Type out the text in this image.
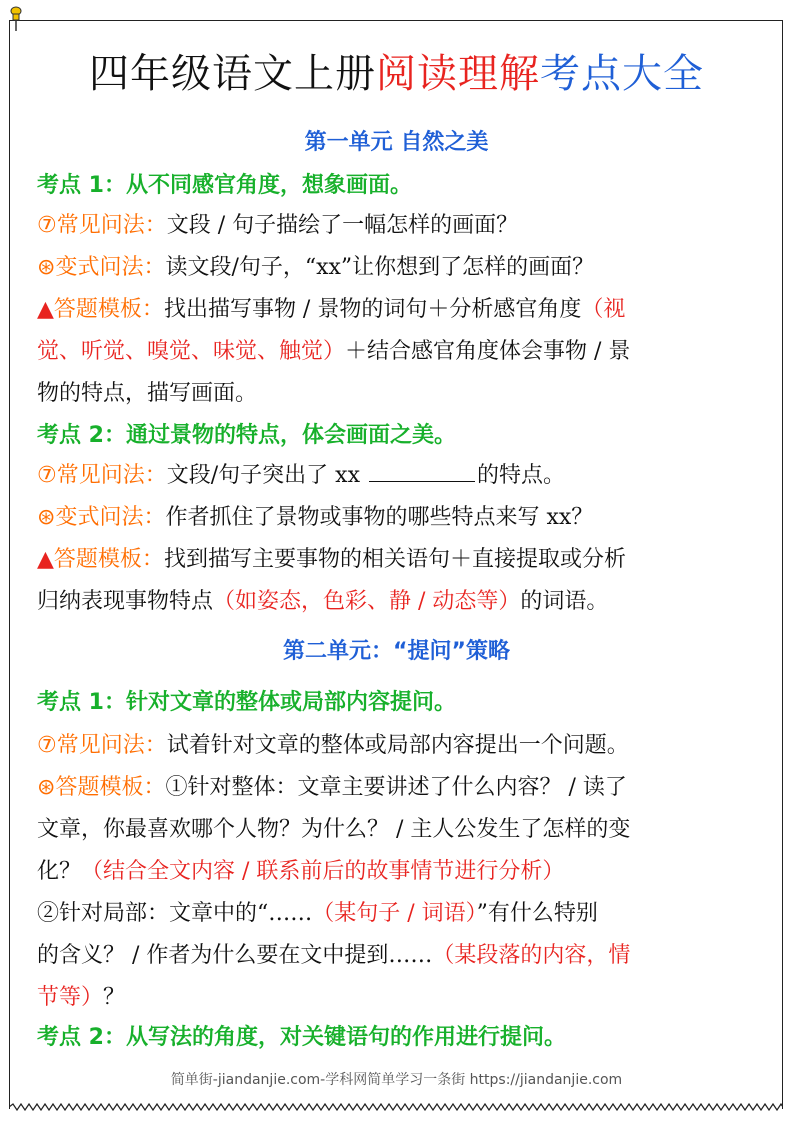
四年级语文上册阅读理解考点大全
第一单元 自然之美
考点 1：从不同感官角度，想象画面。
⑦常见问法：文段 / 句子描绘了一幅怎样的画面？
⊛变式问法：读文段/句子，“xx”让你想到了怎样的画面？
▲答题模板：找出描写事物 / 景物的词句＋分析感官角度（视
觉、听觉、嗅觉、味觉、触觉）＋结合感官角度体会事物 / 景
物的特点，描写画面。
考点 2：通过景物的特点，体会画面之美。
⑦常见问法：文段/句子突出了 xx	的特点。
⊛变式问法：作者抓住了景物或事物的哪些特点来写 xx？
▲答题模板：找到描写主要事物的相关语句＋直接提取或分析
归纳表现事物特点（如姿态，色彩、静 / 动态等）的词语。
第二单元：“提问”策略
考点 1：针对文章的整体或局部内容提问。
⑦常见问法：试着针对文章的整体或局部内容提出一个问题。
⊛答题模板：①针对整体：文章主要讲述了什么内容？ / 读了
文章，你最喜欢哪个人物？为什么？ / 主人公发生了怎样的变
化？（结合全文内容 / 联系前后的故事情节进行分析）
②针对局部：文章中的“……（某句子 / 词语）”有什么特别
的含义？ / 作者为什么要在文中提到……（某段落的内容，情
节等）？
考点 2：从写法的角度，对关键语句的作用进行提问。
简单街-jiandanjie.com-学科网简单学习一条街 https://jiandanjie.com
